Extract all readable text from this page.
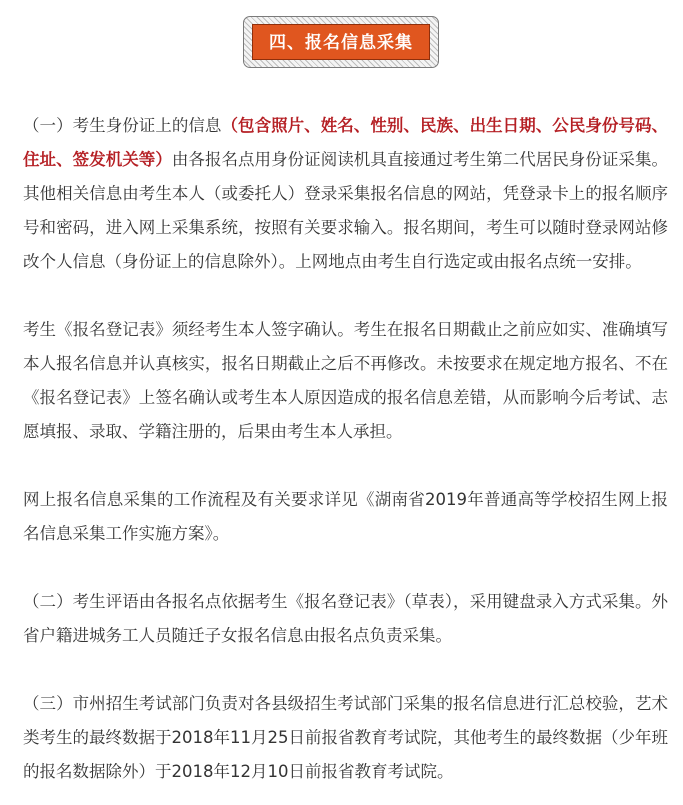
四、报名信息采集

（一）考生身份证上的信息（包含照片、姓名、性别、民族、出生日期、公民身份号码、住址、签发机关等）由各报名点用身份证阅读机具直接通过考生第二代居民身份证采集。其他相关信息由考生本人（或委托人）登录采集报名信息的网站，凭登录卡上的报名顺序号和密码，进入网上采集系统，按照有关要求输入。报名期间，考生可以随时登录网站修改个人信息（身份证上的信息除外）。上网地点由考生自行选定或由报名点统一安排。

考生《报名登记表》须经考生本人签字确认。考生在报名日期截止之前应如实、准确填写本人报名信息并认真核实，报名日期截止之后不再修改。未按要求在规定地方报名、不在《报名登记表》上签名确认或考生本人原因造成的报名信息差错，从而影响今后考试、志愿填报、录取、学籍注册的，后果由考生本人承担。

网上报名信息采集的工作流程及有关要求详见《湖南省2019年普通高等学校招生网上报名信息采集工作实施方案》。

（二）考生评语由各报名点依据考生《报名登记表》（草表），采用键盘录入方式采集。外省户籍进城务工人员随迁子女报名信息由报名点负责采集。

（三）市州招生考试部门负责对各县级招生考试部门采集的报名信息进行汇总校验，艺术类考生的最终数据于2018年11月25日前报省教育考试院，其他考生的最终数据（少年班的报名数据除外）于2018年12月10日前报省教育考试院。
